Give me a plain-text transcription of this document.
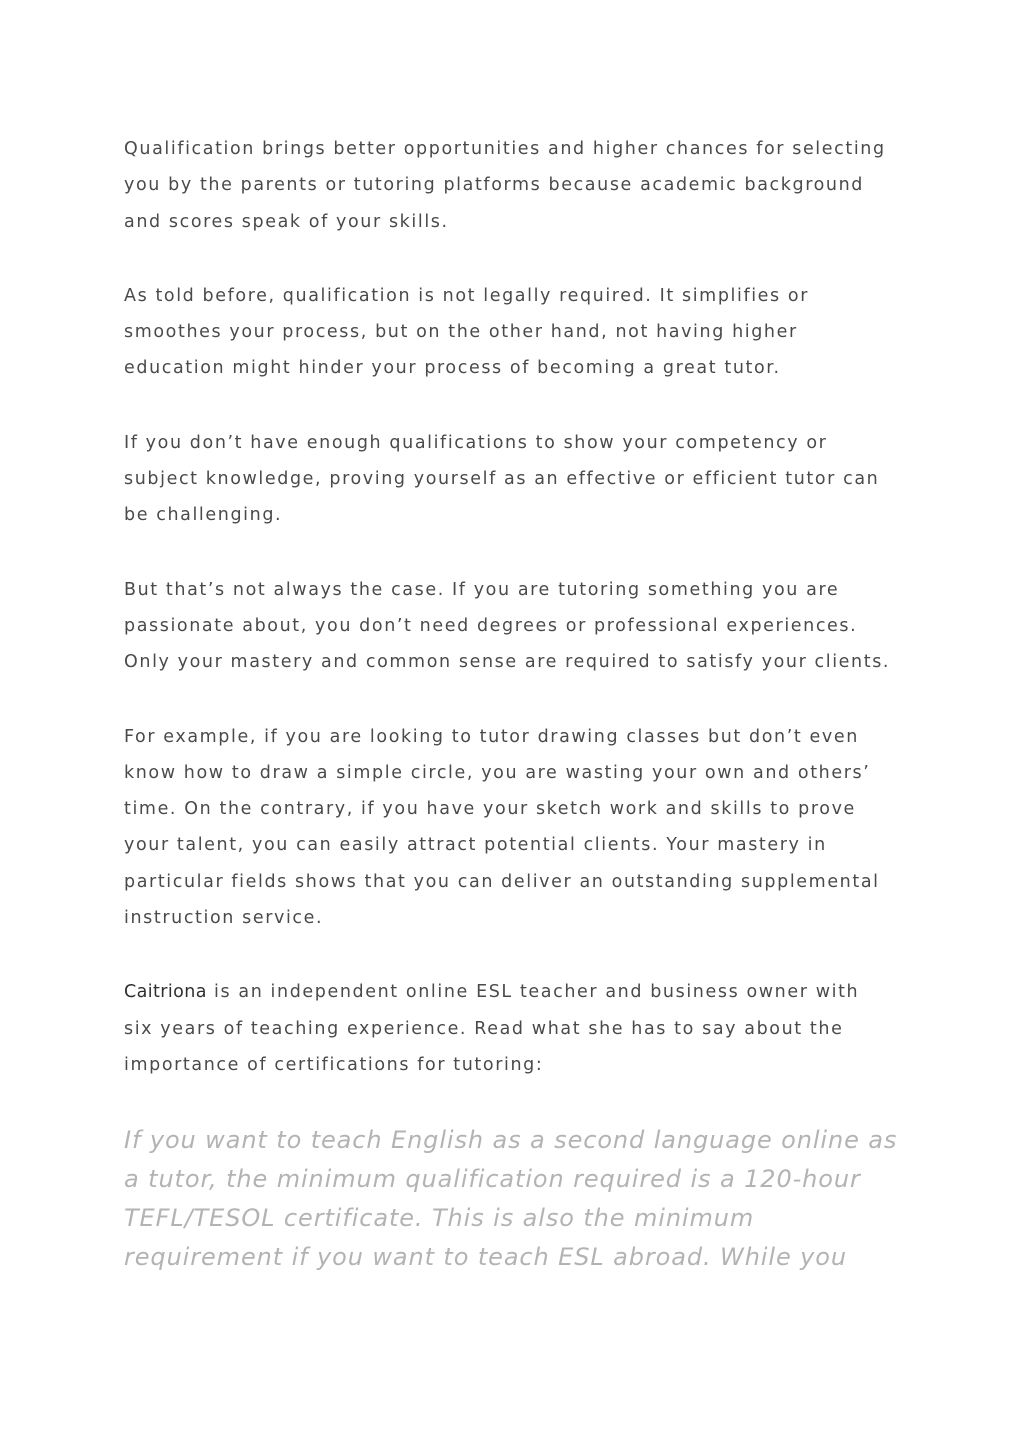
Qualification brings better opportunities and higher chances for selecting
you by the parents or tutoring platforms because academic background
and scores speak of your skills.

As told before, qualification is not legally required. It simplifies or
smoothes your process, but on the other hand, not having higher
education might hinder your process of becoming a great tutor.

If you don’t have enough qualifications to show your competency or
subject knowledge, proving yourself as an effective or efficient tutor can
be challenging.

But that’s not always the case. If you are tutoring something you are
passionate about, you don’t need degrees or professional experiences.
Only your mastery and common sense are required to satisfy your clients.

For example, if you are looking to tutor drawing classes but don’t even
know how to draw a simple circle, you are wasting your own and others’
time. On the contrary, if you have your sketch work and skills to prove
your talent, you can easily attract potential clients. Your mastery in
particular fields shows that you can deliver an outstanding supplemental
instruction service.

Caitriona is an independent online ESL teacher and business owner with
six years of teaching experience. Read what she has to say about the
importance of certifications for tutoring:

If you want to teach English as a second language online as
a tutor, the minimum qualification required is a 120-hour
TEFL/TESOL certificate. This is also the minimum
requirement if you want to teach ESL abroad. While you
